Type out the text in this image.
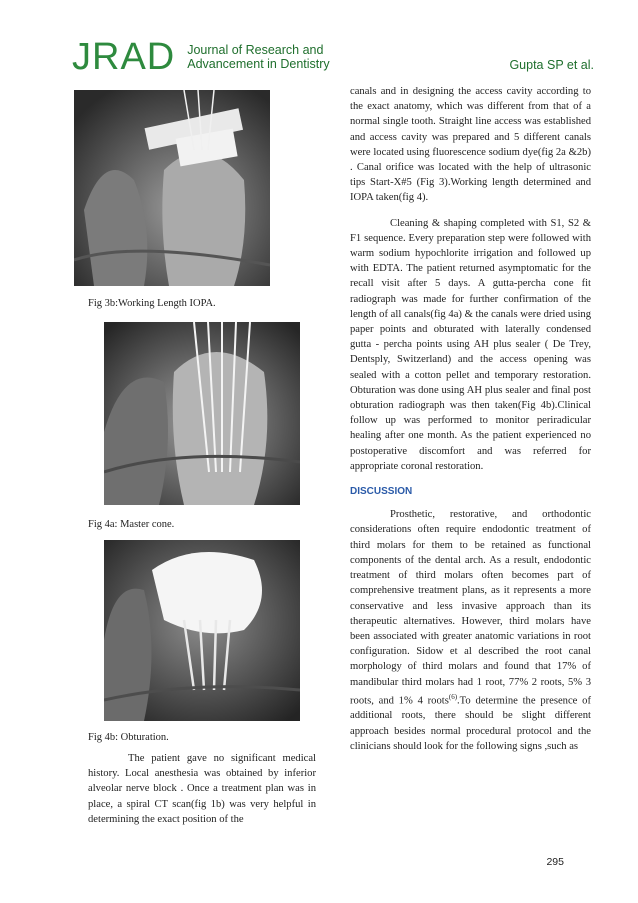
JRAD Journal of Research and
Advancement in Dentistry	Gupta SP et al.
Fig 3b:Working Length IOPA.
Fig 4a: Master cone.
Fig 4b: Obturation.

The patient gave no significant medical history. Local anesthesia was obtained by inferior alveolar nerve block . Once a treatment plan was in place, a spiral CT scan(fig 1b) was very helpful in determining the exact position of the

canals and in designing the access cavity according to the exact anatomy, which was different from that of a normal single tooth. Straight line access was established and access cavity was prepared and 5 different canals were located using fluorescence sodium dye(fig 2a &2b) . Canal orifice was located with the help of ultrasonic tips Start-X#5 (Fig 3).Working length determined and IOPA taken(fig 4).

Cleaning & shaping completed with S1, S2 & F1 sequence. Every preparation step were followed with warm sodium hypochlorite irrigation and followed up with EDTA. The patient returned asymptomatic for the recall visit after 5 days. A gutta-percha cone fit radiograph was made for further confirmation of the length of all canals(fig 4a) & the canals were dried using paper points and obturated with laterally condensed gutta - percha points using AH plus sealer ( De Trey, Dentsply, Switzerland) and the access opening was sealed with a cotton pellet and temporary restoration. Obturation was done using AH plus sealer and final post obturation radiograph was then taken(Fig 4b).Clinical follow up was performed to monitor periradicular healing after one month. As the patient experienced no postoperative discomfort and was referred for appropriate coronal restoration.

DISCUSSION

Prosthetic, restorative, and orthodontic considerations often require endodontic treatment of third molars for them to be retained as functional components of the dental arch. As a result, endodontic treatment of third molars often becomes part of comprehensive treatment plans, as it represents a more conservative and less invasive approach than its therapeutic alternatives. However, third molars have been associated with greater anatomic variations in root configuration. Sidow et al described the root canal morphology of third molars and found that 17% of mandibular third molars had 1 root, 77% 2 roots, 5% 3 roots, and 1% 4 roots$^{(6)}$.To determine the presence of additional roots, there should be slight different approach besides normal procedural protocol and the clinicians should look for the following signs ,such as

295
